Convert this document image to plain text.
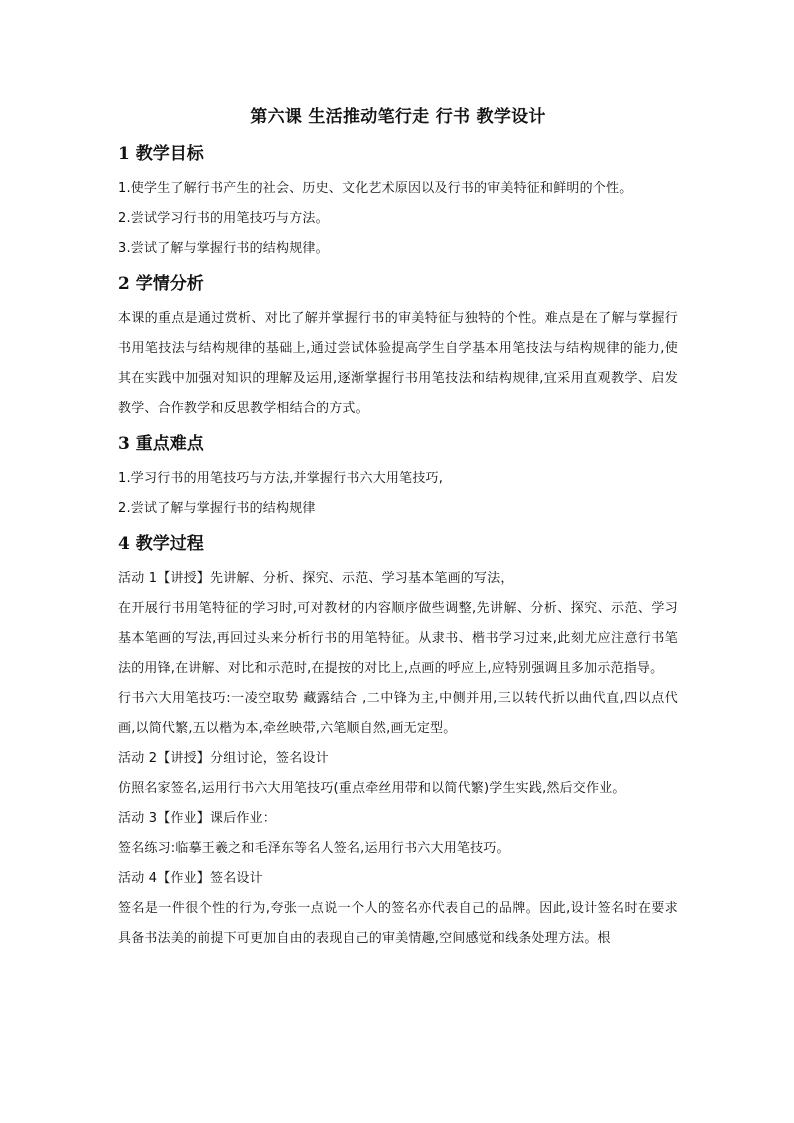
第六课 生活推动笔行走 行书 教学设计
1 教学目标

1.使学生了解行书产生的社会、历史、文化艺术原因以及行书的审美特征和鲜明的个性。

2.尝试学习行书的用笔技巧与方法。

3.尝试了解与掌握行书的结构规律。

2 学情分析

本课的重点是通过赏析、对比了解并掌握行书的审美特征与独特的个性。难点是在了解与掌握行书用笔技法与结构规律的基础上,通过尝试体验提高学生自学基本用笔技法与结构规律的能力,使其在实践中加强对知识的理解及运用,逐渐掌握行书用笔技法和结构规律,宜采用直观教学、启发教学、合作教学和反思教学相结合的方式。

3 重点难点

1.学习行书的用笔技巧与方法,并掌握行书六大用笔技巧,

2.尝试了解与掌握行书的结构规律

4 教学过程

活动 1【讲授】先讲解、分析、探究、示范、学习基本笔画的写法，

在开展行书用笔特征的学习时,可对教材的内容顺序做些调整,先讲解、分析、探究、示范、学习基本笔画的写法,再回过头来分析行书的用笔特征。从隶书、楷书学习过来,此刻尤应注意行书笔法的用锋,在讲解、对比和示范时,在提按的对比上,点画的呼应上,应特别强调且多加示范指导。

行书六大用笔技巧:一凌空取势 藏露结合 ,二中锋为主,中侧并用,三以转代折以曲代直,四以点代画,以简代繁,五以楷为本,牵丝映带,六笔顺自然,画无定型。

活动 2【讲授】分组讨论，签名设计

仿照名家签名,运用行书六大用笔技巧(重点牵丝用带和以简代繁)学生实践,然后交作业。

活动 3【作业】课后作业：

签名练习:临摹王羲之和毛泽东等名人签名,运用行书六大用笔技巧。

活动 4【作业】签名设计

签名是一件很个性的行为,夸张一点说一个人的签名亦代表自己的品牌。因此,设计签名时在要求具备书法美的前提下可更加自由的表现自己的审美情趣,空间感觉和线条处理方法。根
